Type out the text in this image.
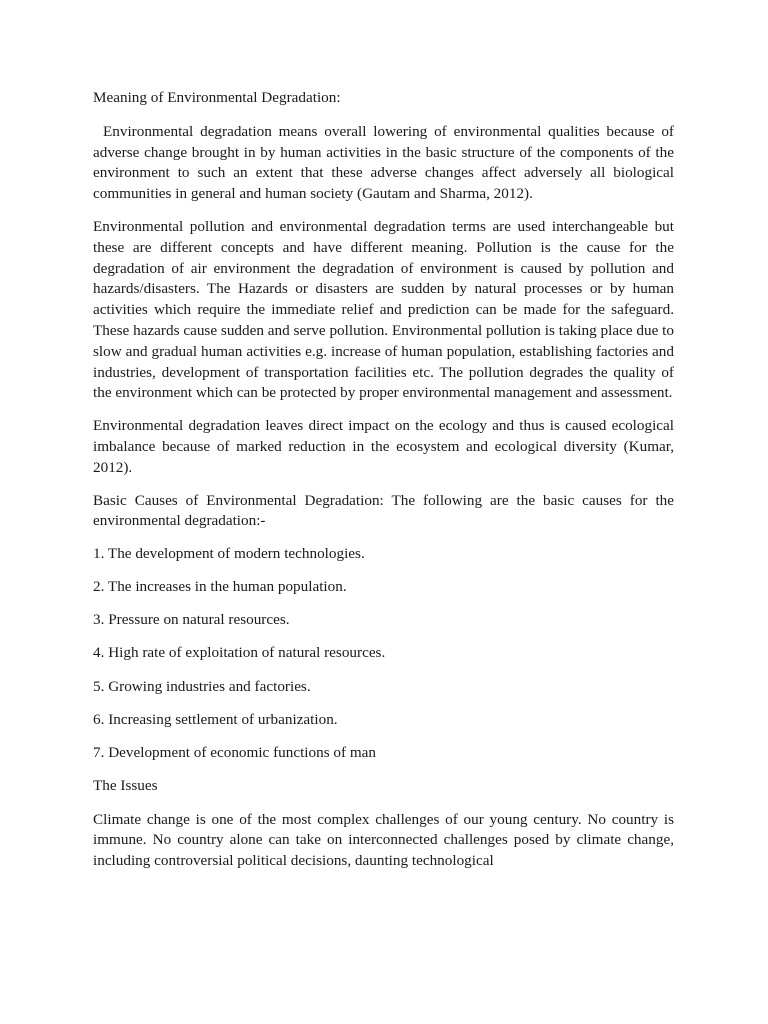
Meaning of Environmental Degradation:

Environmental degradation means overall lowering of environmental qualities because of adverse change brought in by human activities in the basic structure of the components of the environment to such an extent that these adverse changes affect adversely all biological communities in general and human society (Gautam and Sharma, 2012).

Environmental pollution and environmental degradation terms are used interchangeable but these are different concepts and have different meaning. Pollution is the cause for the degradation of air environment the degradation of environment is caused by pollution and hazards/disasters. The Hazards or disasters are sudden by natural processes or by human activities which require the immediate relief and prediction can be made for the safeguard. These hazards cause sudden and serve pollution. Environmental pollution is taking place due to slow and gradual human activities e.g. increase of human population, establishing factories and industries, development of transportation facilities etc. The pollution degrades the quality of the environment which can be protected by proper environmental management and assessment.

Environmental degradation leaves direct impact on the ecology and thus is caused ecological imbalance because of marked reduction in the ecosystem and ecological diversity (Kumar, 2012).

Basic Causes of Environmental Degradation: The following are the basic causes for the environmental degradation:-

1. The development of modern technologies.

2. The increases in the human population.

3. Pressure on natural resources.

4. High rate of exploitation of natural resources.

5. Growing industries and factories.

6. Increasing settlement of urbanization.

7. Development of economic functions of man

The Issues

Climate change is one of the most complex challenges of our young century. No country is immune. No country alone can take on interconnected challenges posed by climate change, including controversial political decisions, daunting technological
